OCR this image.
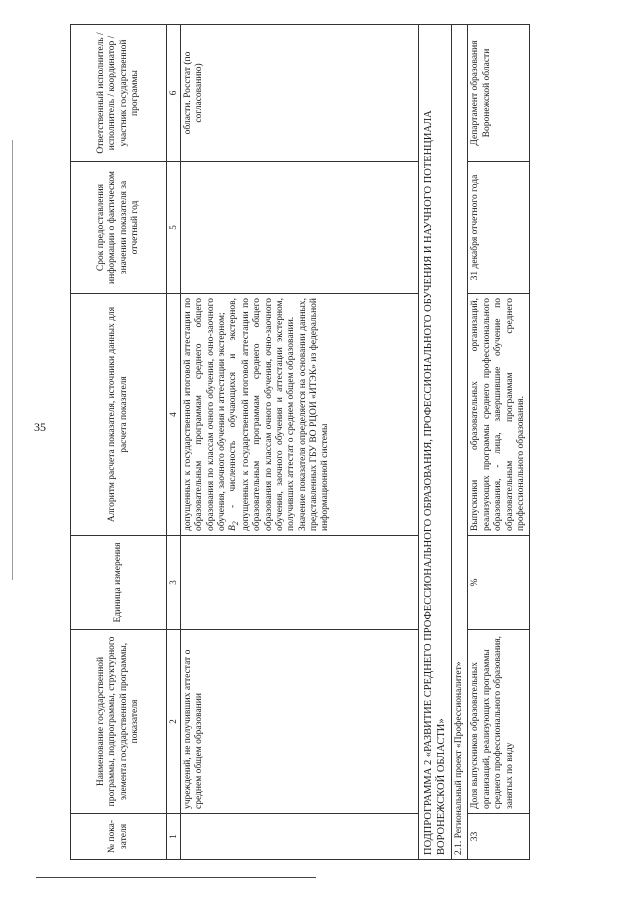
35
№ пока-зателя	Наименование государственной программы, подпрограммы, структурного элемента государственной программы, показателя	Единица измерения	Алгоритм расчета показателя, источники данных для расчета показателя	Срок предоставления информации о фактическом значении показателя за отчетный год	Ответственный исполнитель / исполнитель / координатор / участник государственной программы
1	2	3	4	5	6
	учреждений, не получивших аттестат о среднем общем образовании		допущенных к государственной итоговой аттестации по образовательным программам среднего общего образования по классам очного обучения, очно-заочного обучения, заочного обучения и аттестации экстерном;
$B_2$ - численность обучающихся и экстернов, допущенных к государственной итоговой аттестации по образовательным программам среднего общего образования по классам очного обучения, очно-заочного обучения, заочного обучения и аттестации экстерном, получивших аттестат о среднем общем образовании.
Значение показателя определяется на основании данных, представленных ГБУ ВО РЦОИ «ИТЭК» из федеральной информационной системы		области. Росстат (по согласованию)
ПОДПРОГРАММА 2 «РАЗВИТИЕ СРЕДНЕГО ПРОФЕССИОНАЛЬНОГО ОБРАЗОВАНИЯ, ПРОФЕССИОНАЛЬНОГО ОБУЧЕНИЯ И НАУЧНОГО ПОТЕНЦИАЛА ВОРОНЕЖСКОЙ ОБЛАСТИ»					
2.1. Региональный проект «Профессионалитет»					
33	Доля выпускников образовательных организаций, реализующих программы среднего профессионального образования, занятых по виду	%	Выпускники образовательных организаций, реализующих программы среднего профессионального образования, - лица, завершившие обучение по образовательным программам среднего профессионального образования.	31 декабря отчетного года	Департамент образования Воронежской области
